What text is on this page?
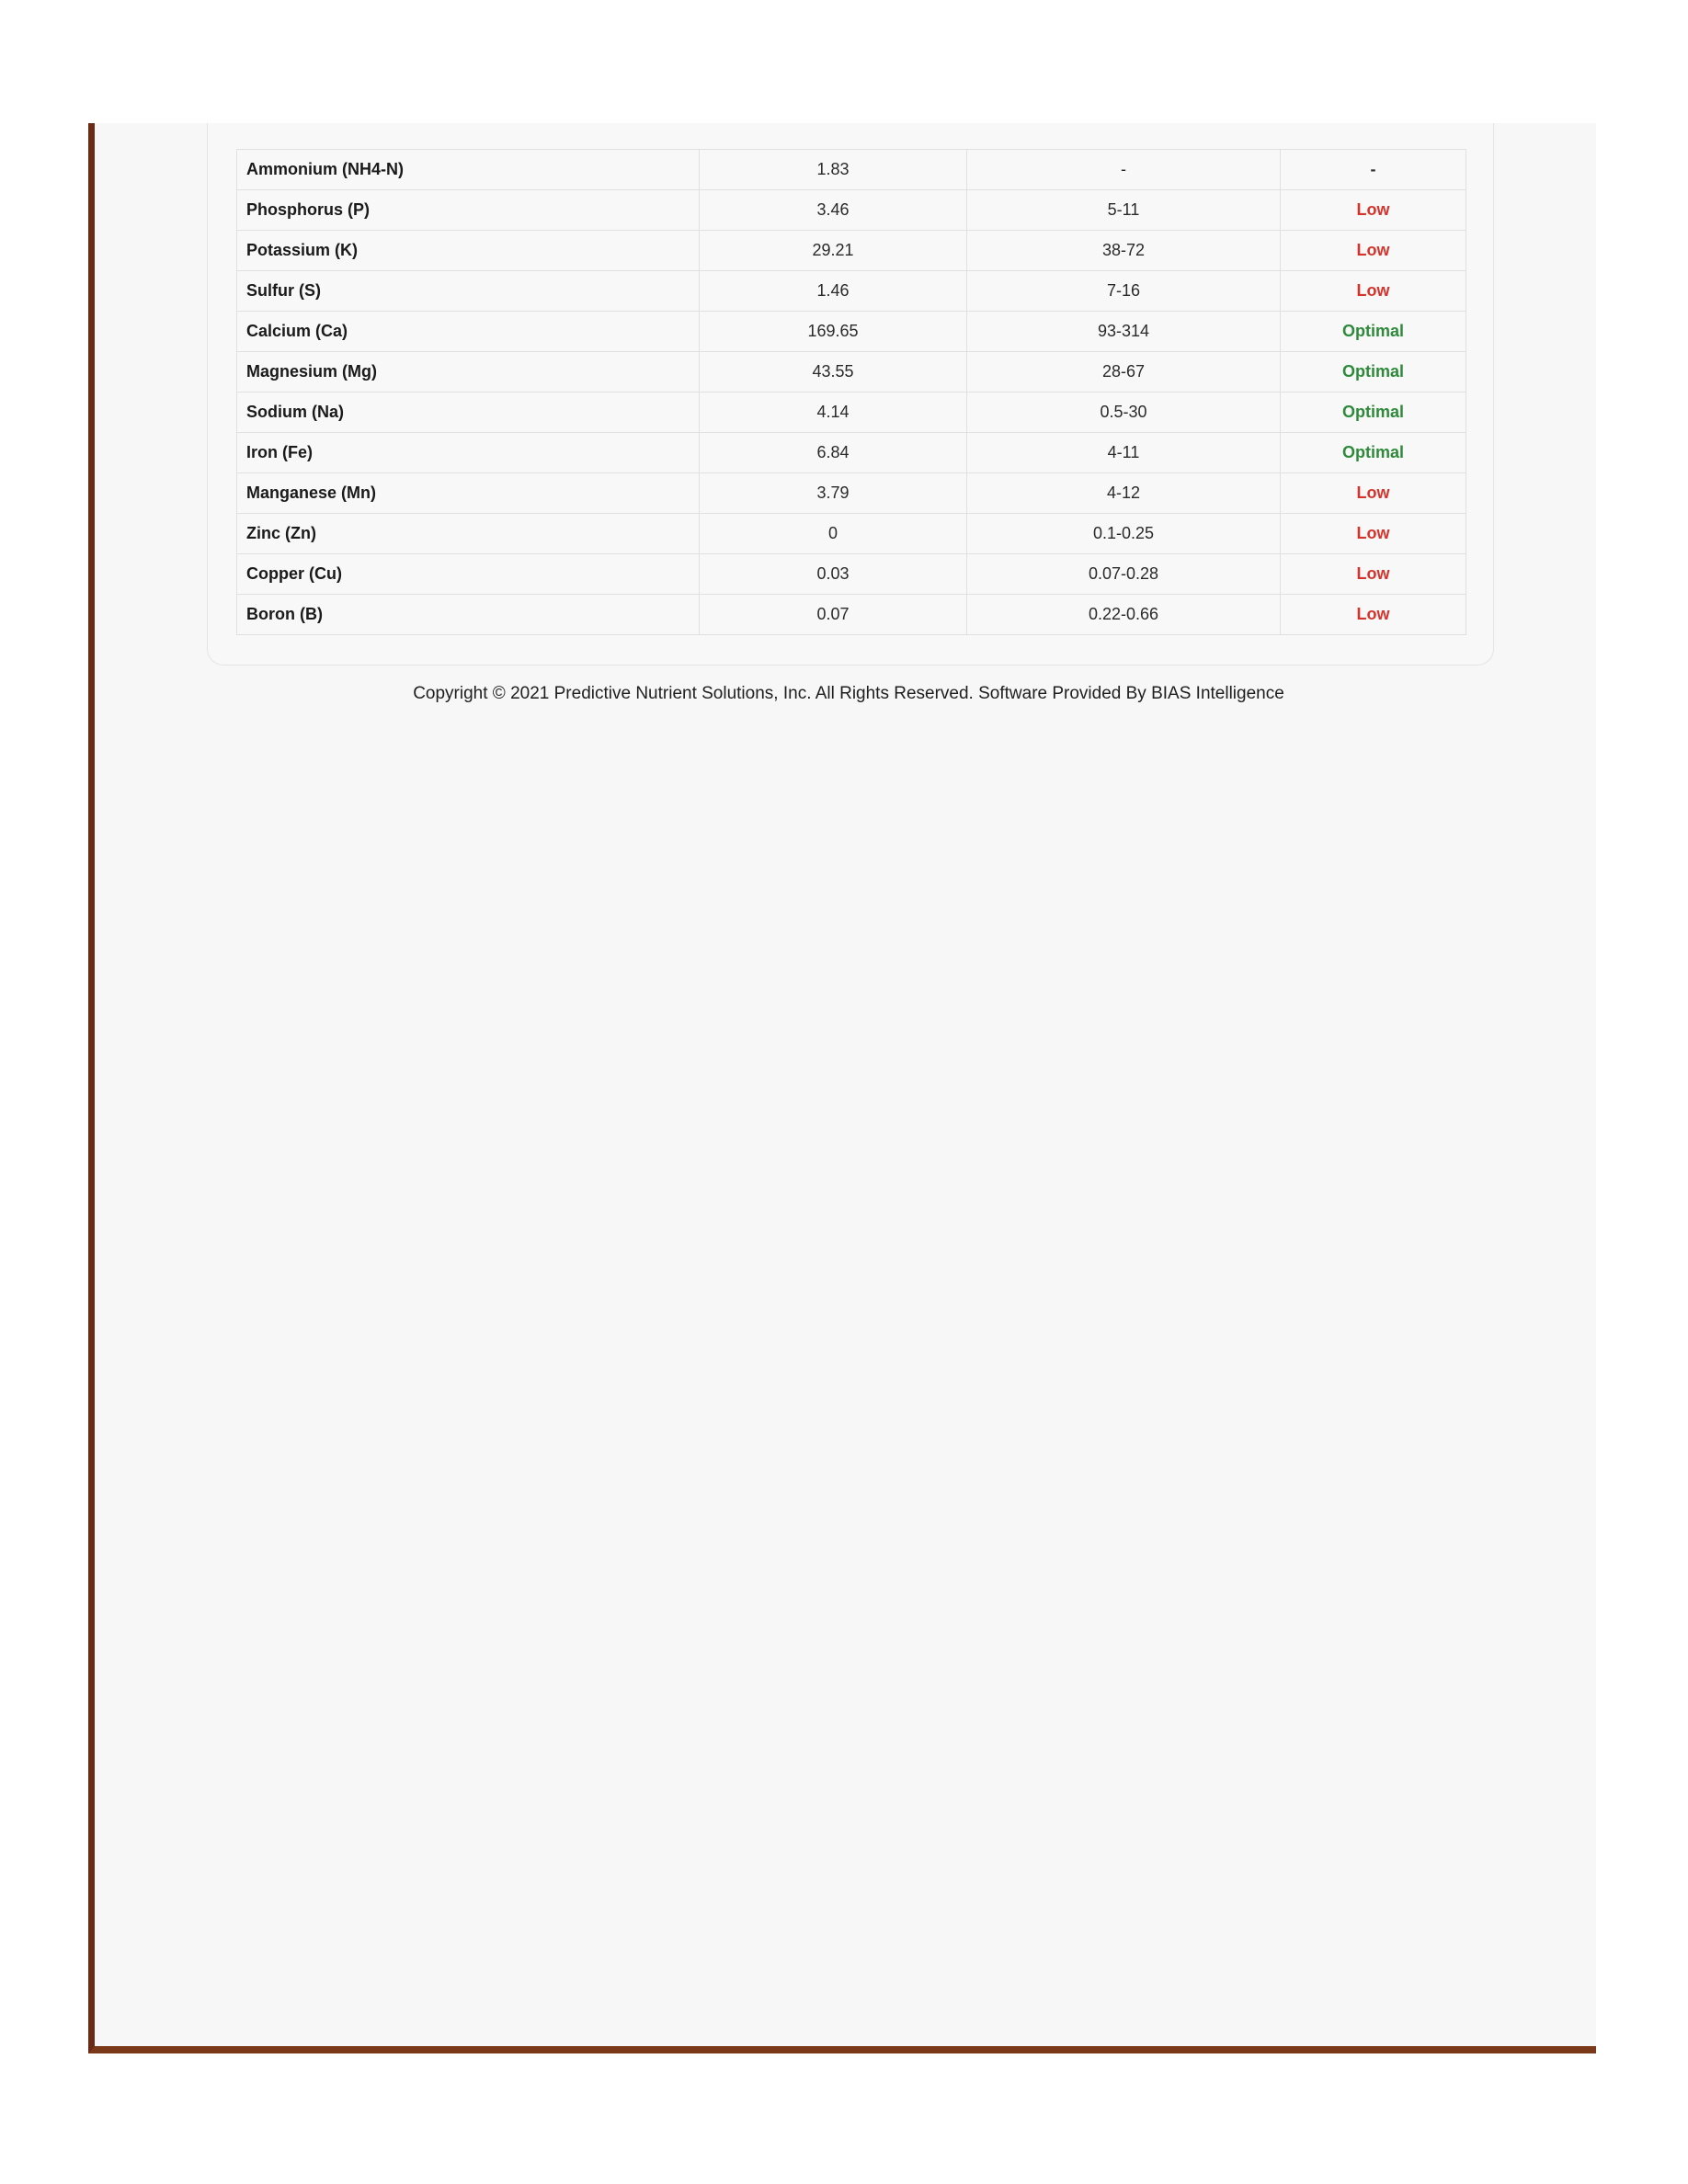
Ammonium (NH4-N)	1.83	-	-
Phosphorus (P)	3.46	5-11	Low
Potassium (K)	29.21	38-72	Low
Sulfur (S)	1.46	7-16	Low
Calcium (Ca)	169.65	93-314	Optimal
Magnesium (Mg)	43.55	28-67	Optimal
Sodium (Na)	4.14	0.5-30	Optimal
Iron (Fe)	6.84	4-11	Optimal
Manganese (Mn)	3.79	4-12	Low
Zinc (Zn)	0	0.1-0.25	Low
Copper (Cu)	0.03	0.07-0.28	Low
Boron (B)	0.07	0.22-0.66	Low
Copyright © 2021 Predictive Nutrient Solutions, Inc. All Rights Reserved. Software Provided By BIAS Intelligence
